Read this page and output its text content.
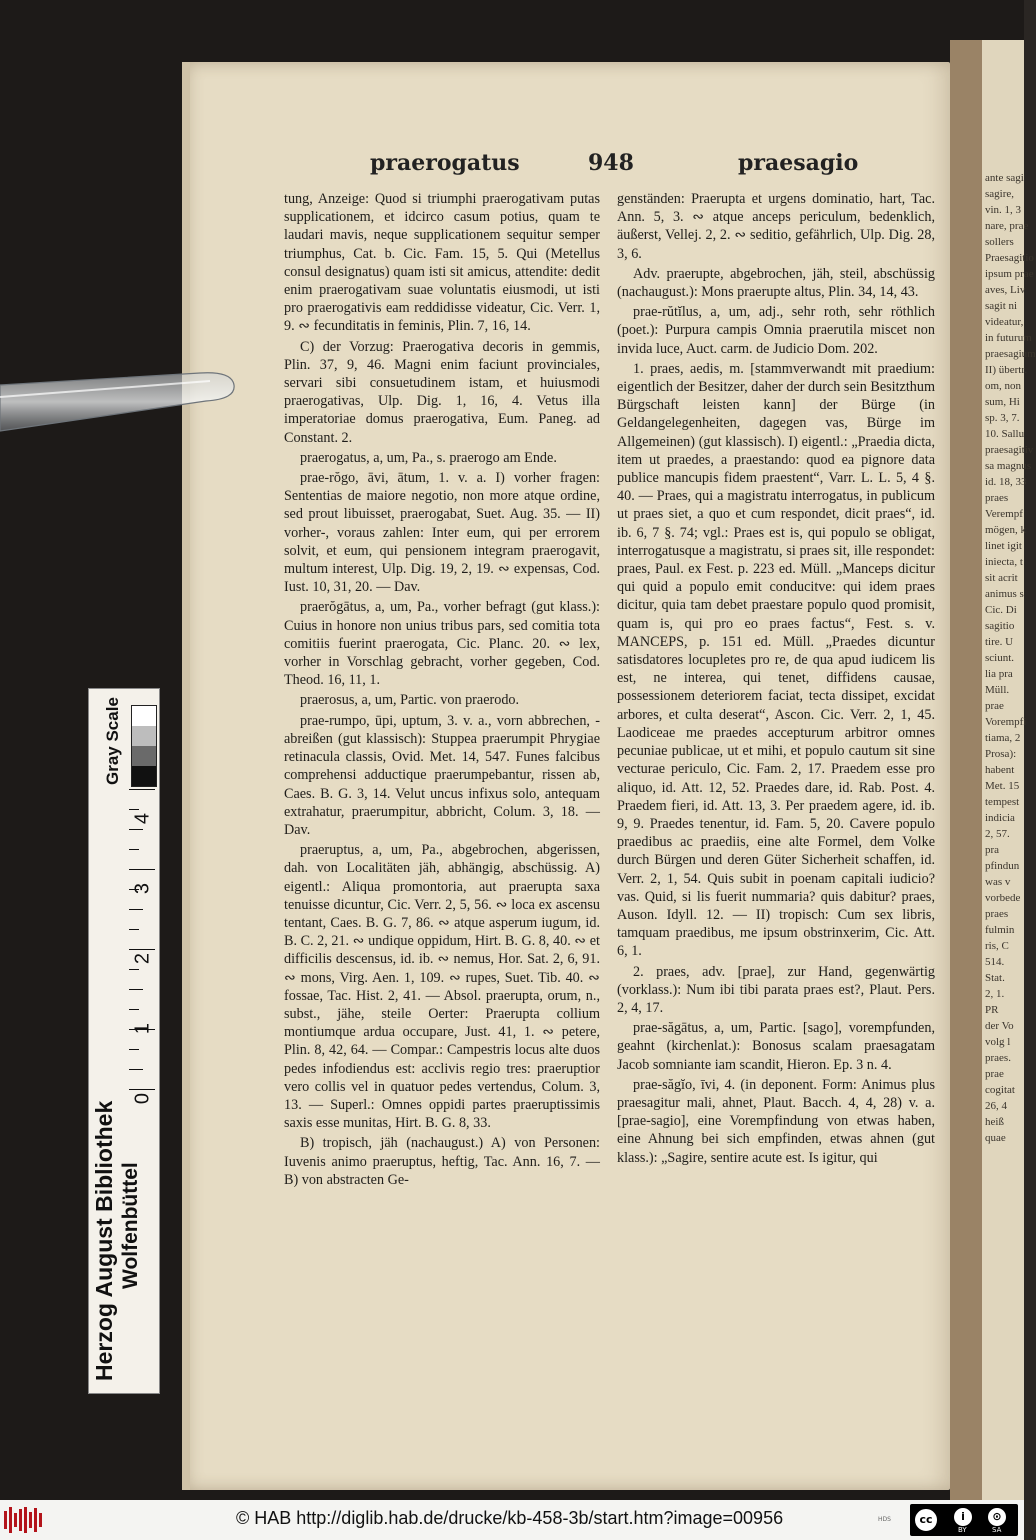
praerogatus	948	praesagio

tung, Anzeige: Quod si triumphi praerogativam putas supplicationem, et idcirco casum potius, quam te laudari mavis, neque supplicationem sequitur semper triumphus, Cat. b. Cic. Fam. 15, 5. Qui (Metellus consul designatus) quam isti sit amicus, attendite: dedit enim praerogativam suae voluntatis eiusmodi, ut isti pro praerogativis eam reddidisse videatur, Cic. Verr. 1, 9. ∾ fecunditatis in feminis, Plin. 7, 16, 14.

C) der Vorzug: Praerogativa decoris in gemmis, Plin. 37, 9, 46. Magni enim faciunt provinciales, servari sibi consuetudinem istam, et huiusmodi praerogativas, Ulp. Dig. 1, 16, 4. Vetus illa imperatoriae domus praerogativa, Eum. Paneg. ad Constant. 2.

praerogatus, a, um, Pa., s. praerogo am Ende.

prae-rŏgo, āvi, ātum, 1. v. a. I) vorher fragen: Sententias de maiore negotio, non more atque ordine, sed prout libuisset, praerogabat, Suet. Aug. 35. — II) vorher-, voraus zahlen: Inter eum, qui per errorem solvit, et eum, qui pensionem integram praerogavit, multum interest, Ulp. Dig. 19, 2, 19. ∾ expensas, Cod. Iust. 10, 31, 20. — Dav.

praerŏgātus, a, um, Pa., vorher befragt (gut klass.): Cuius in honore non unius tribus pars, sed comitia tota comitiis fuerint praerogata, Cic. Planc. 20. ∾ lex, vorher in Vorschlag gebracht, vorher gegeben, Cod. Theod. 16, 11, 1.

praerosus, a, um, Partic. von praerodo.

prae-rumpo, ūpi, uptum, 3. v. a., vorn abbrechen, -abreißen (gut klassisch): Stuppea praerumpit Phrygiae retinacula classis, Ovid. Met. 14, 547. Funes falcibus comprehensi adductique praerumpebantur, rissen ab, Caes. B. G. 3, 14. Velut uncus infixus solo, antequam extrahatur, praerumpitur, abbricht, Colum. 3, 18. — Dav.

praeruptus, a, um, Pa., abgebrochen, abgerissen, dah. von Localitäten jäh, abhängig, abschüssig. A) eigentl.: Aliqua promontoria, aut praerupta saxa tenuisse dicuntur, Cic. Verr. 2, 5, 56. ∾ loca ex ascensu tentant, Caes. B. G. 7, 86. ∾ atque asperum iugum, id. B. C. 2, 21. ∾ undique oppidum, Hirt. B. G. 8, 40. ∾ et difficilis descensus, id. ib. ∾ nemus, Hor. Sat. 2, 6, 91. ∾ mons, Virg. Aen. 1, 109. ∾ rupes, Suet. Tib. 40. ∾ fossae, Tac. Hist. 2, 41. — Absol. praerupta, orum, n., subst., jähe, steile Oerter: Praerupta collium montiumque ardua occupare, Just. 41, 1. ∾ petere, Plin. 8, 42, 64. — Compar.: Campestris locus alte duos pedes infodiendus est: acclivis regio tres: praeruptior vero collis vel in quatuor pedes vertendus, Colum. 3, 13. — Superl.: Omnes oppidi partes praeruptissimis saxis esse munitas, Hirt. B. G. 8, 33.

B) tropisch, jäh (nachaugust.) A) von Personen: Iuvenis animo praeruptus, heftig, Tac. Ann. 16, 7. — B) von abstracten Ge-

genständen: Praerupta et urgens dominatio, hart, Tac. Ann. 5, 3. ∾ atque anceps periculum, bedenklich, äußerst, Vellej. 2, 2. ∾ seditio, gefährlich, Ulp. Dig. 28, 3, 6.

Adv. praerupte, abgebrochen, jäh, steil, abschüssig (nachaugust.): Mons praerupte altus, Plin. 34, 14, 43.

prae-rŭtĭlus, a, um, adj., sehr roth, sehr röthlich (poet.): Purpura campis Omnia praerutila miscet non invida luce, Auct. carm. de Judicio Dom. 202.

1. praes, aedis, m. [stammverwandt mit praedium: eigentlich der Besitzer, daher der durch sein Besitzthum Bürgschaft leisten kann] der Bürge (in Geldangelegenheiten, dagegen vas, Bürge im Allgemeinen) (gut klassisch). I) eigentl.: „Praedia dicta, item ut praedes, a praestando: quod ea pignore data publice mancupis fidem praestent“, Varr. L. L. 5, 4 §. 40. — Praes, qui a magistratu interrogatus, in publicum ut praes siet, a quo et cum respondet, dicit praes“, id. ib. 6, 7 §. 74; vgl.: Praes est is, qui populo se obligat, interrogatusque a magistratu, si praes sit, ille respondet: praes, Paul. ex Fest. p. 223 ed. Müll. „Manceps dicitur qui quid a populo emit conducitve: qui idem praes dicitur, quia tam debet praestare populo quod promisit, quam is, qui pro eo praes factus“, Fest. s. v. MANCEPS, p. 151 ed. Müll. „Praedes dicuntur satisdatores locupletes pro re, de qua apud iudicem lis est, ne interea, qui tenet, diffidens causae, possessionem deteriorem faciat, tecta dissipet, excidat arbores, et culta deserat“, Ascon. Cic. Verr. 2, 1, 45. Laodiceae me praedes accepturum arbitror omnes pecuniae publicae, ut et mihi, et populo cautum sit sine vecturae periculo, Cic. Fam. 2, 17. Praedem esse pro aliquo, id. Att. 12, 52. Praedes dare, id. Rab. Post. 4. Praedem fieri, id. Att. 13, 3. Per praedem agere, id. ib. 9, 9. Praedes tenentur, id. Fam. 5, 20. Cavere populo praedibus ac praediis, eine alte Formel, dem Volke durch Bürgen und deren Güter Sicherheit schaffen, id. Verr. 2, 1, 54. Quis subit in poenam capitali iudicio? vas. Quid, si lis fuerit nummaria? quis dabitur? praes, Auson. Idyll. 12. — II) tropisch: Cum sex libris, tamquam praedibus, me ipsum obstrinxerim, Cic. Att. 6, 1.

2. praes, adv. [prae], zur Hand, gegenwärtig (vorklass.): Num ibi tibi parata praes est?, Plaut. Pers. 2, 4, 17.

prae-săgātus, a, um, Partic. [sago], vorempfunden, geahnt (kirchenlat.): Bonosus scalam praesagatam Jacob somniante iam scandit, Hieron. Ep. 3 n. 4.

prae-săgĭo, īvi, 4. (in deponent. Form: Animus plus praesagitur mali, ahnet, Plaut. Bacch. 4, 4, 28) v. a. [prae-sagio], eine Vorempfindung von etwas haben, eine Ahnung bei sich empfinden, etwas ahnen (gut klass.): „Sagire, sentire acute est. Is igitur, qui

ante sagi
sagire,
vin. 1, 3
nare, prae
sollers
Praesagitio
ipsum prae
aves, Liv
sagit ni
videatur,
in futurum
praesagium
II) übertr.
om, non
sum, Hi
sp. 3, 7.
10. Sallu
praesagitiv
sa magnus
id. 18, 33
praes
Verempf
mögen, k
linet igit
iniecta, t
sit acrit
animus s
Cic. Di
sagitio
tire. U
sciunt.
lia pra
Müll.
prae
Vorempfi
tiama, 2
Prosa):
habent
Met. 15
tempest
indicia
2, 57.
pra
pfindun
was v
vorbede
praes
fulmin
ris, C
514.
Stat.
2, 1.
PR
der Vo
volg l
praes.
prae
cogitat
26, 4
heiß
quae
Gray Scale
4
3
2
1
0
Herzog August Bibliothek Wolfenbüttel
© HAB http://diglib.hab.de/drucke/kb-458-3b/start.htm?image=00956	HDS	cc	i	⊙
BY	SA
